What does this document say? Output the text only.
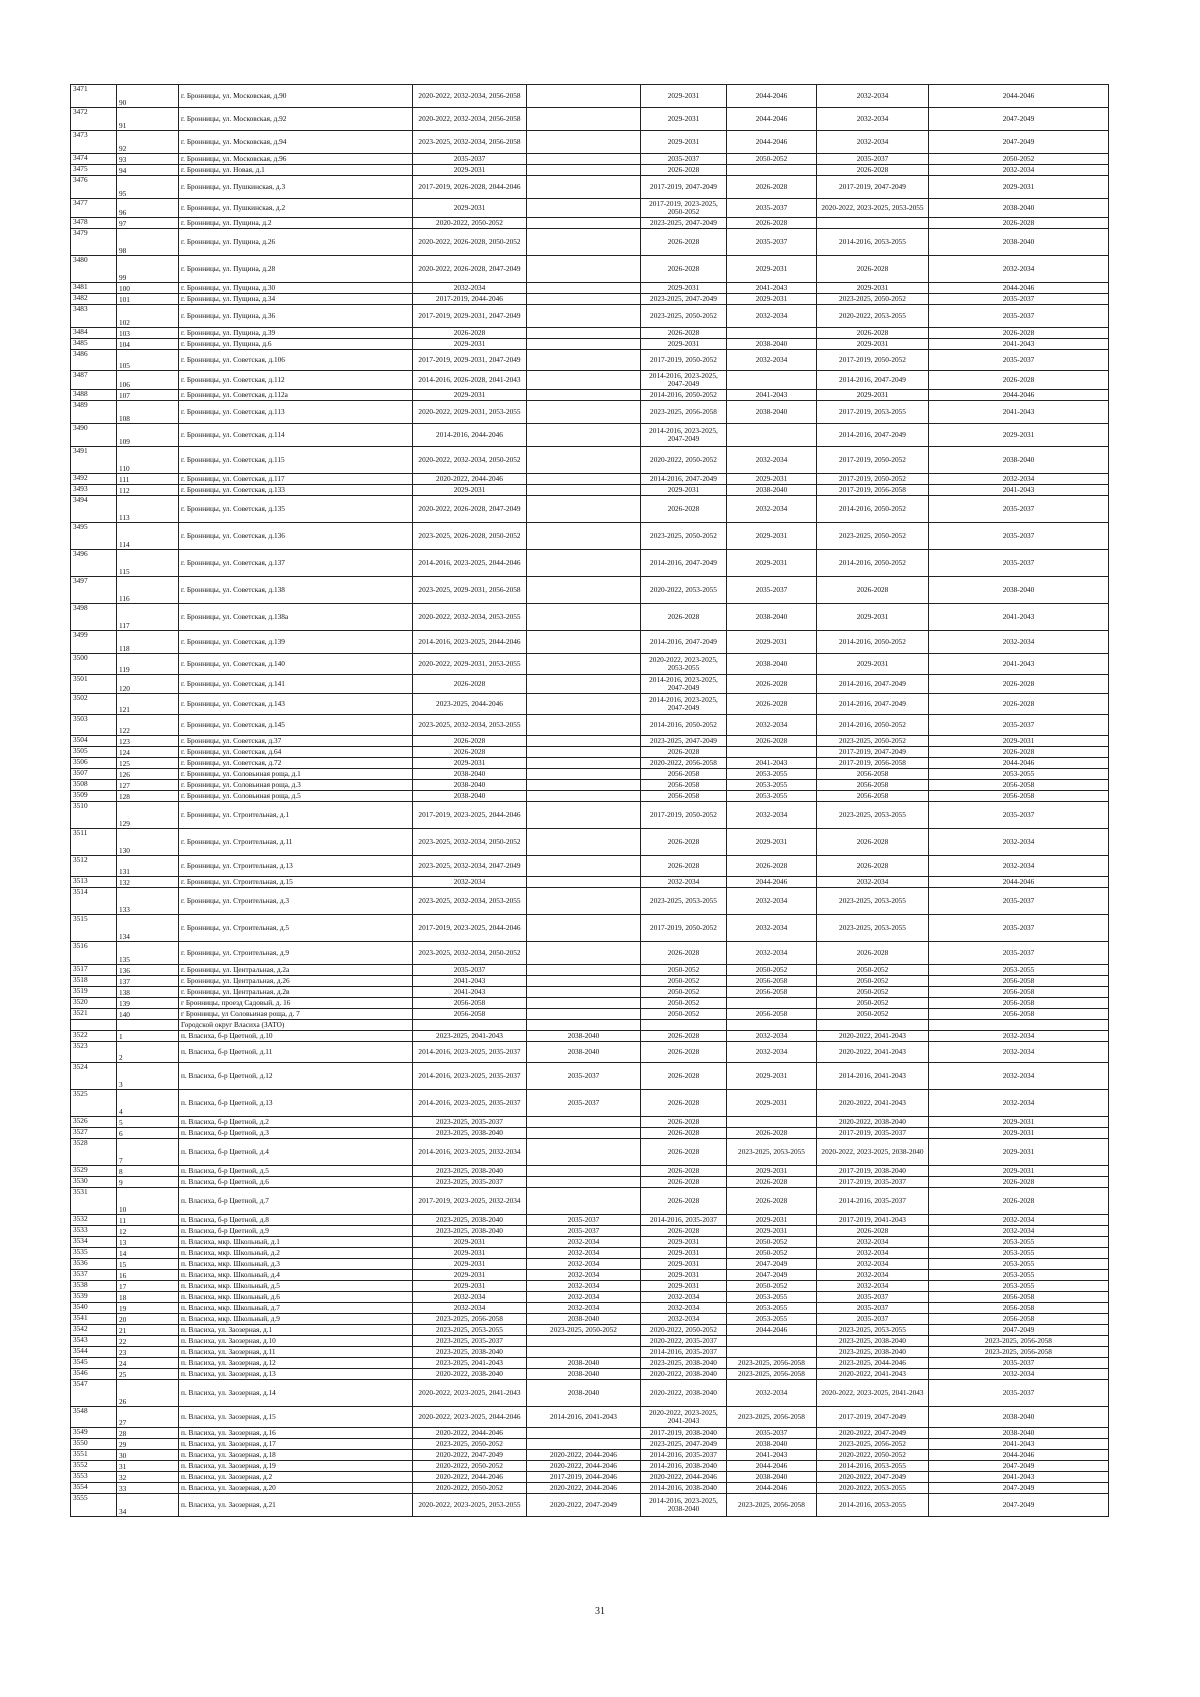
3471	90	г. Бронницы, ул. Московская, д.90	2020-2022, 2032-2034, 2056-2058		2029-2031	2044-2046	2032-2034	2044-2046
3472	91	г. Бронницы, ул. Московская, д.92	2020-2022, 2032-2034, 2056-2058		2029-2031	2044-2046	2032-2034	2047-2049
3473	92	г. Бронницы, ул. Московская, д.94	2023-2025, 2032-2034, 2056-2058		2029-2031	2044-2046	2032-2034	2047-2049
3474	93	г. Бронницы, ул. Московская, д.96	2035-2037		2035-2037	2050-2052	2035-2037	2050-2052
3475	94	г. Бронницы, ул. Новая, д.1	2029-2031		2026-2028		2026-2028	2032-2034
3476	95	г. Бронницы, ул. Пушкинская, д.3	2017-2019, 2026-2028, 2044-2046		2017-2019, 2047-2049	2026-2028	2017-2019, 2047-2049	2029-2031
3477	96	г. Бронницы, ул. Пушкинская, д.2	2029-2031		2017-2019, 2023-2025, 2050-2052	2035-2037	2020-2022, 2023-2025, 2053-2055	2038-2040
3478	97	г. Бронницы, ул. Пущина, д.2	2020-2022, 2050-2052		2023-2025, 2047-2049	2026-2028		2026-2028
3479	98	г. Бронницы, ул. Пущина, д.26	2020-2022, 2026-2028, 2050-2052		2026-2028	2035-2037	2014-2016, 2053-2055	2038-2040
3480	99	г. Бронницы, ул. Пущина, д.28	2020-2022, 2026-2028, 2047-2049		2026-2028	2029-2031	2026-2028	2032-2034
3481	100	г. Бронницы, ул. Пущина, д.30	2032-2034		2029-2031	2041-2043	2029-2031	2044-2046
3482	101	г. Бронницы, ул. Пущина, д.34	2017-2019, 2044-2046		2023-2025, 2047-2049	2029-2031	2023-2025, 2050-2052	2035-2037
3483	102	г. Бронницы, ул. Пущина, д.36	2017-2019, 2029-2031, 2047-2049		2023-2025, 2050-2052	2032-2034	2020-2022, 2053-2055	2035-2037
3484	103	г. Бронницы, ул. Пущина, д.39	2026-2028		2026-2028		2026-2028	2026-2028
3485	104	г. Бронницы, ул. Пущина, д.6	2029-2031		2029-2031	2038-2040	2029-2031	2041-2043
3486	105	г. Бронницы, ул. Советская, д.106	2017-2019, 2029-2031, 2047-2049		2017-2019, 2050-2052	2032-2034	2017-2019, 2050-2052	2035-2037
3487	106	г. Бронницы, ул. Советская, д.112	2014-2016, 2026-2028, 2041-2043		2014-2016, 2023-2025, 2047-2049		2014-2016, 2047-2049	2026-2028
3488	107	г. Бронницы, ул. Советская, д.112а	2029-2031		2014-2016, 2050-2052	2041-2043	2029-2031	2044-2046
3489	108	г. Бронницы, ул. Советская, д.113	2020-2022, 2029-2031, 2053-2055		2023-2025, 2056-2058	2038-2040	2017-2019, 2053-2055	2041-2043
3490	109	г. Бронницы, ул. Советская, д.114	2014-2016, 2044-2046		2014-2016, 2023-2025, 2047-2049		2014-2016, 2047-2049	2029-2031
3491	110	г. Бронницы, ул. Советская, д.115	2020-2022, 2032-2034, 2050-2052		2020-2022, 2050-2052	2032-2034	2017-2019, 2050-2052	2038-2040
3492	111	г. Бронницы, ул. Советская, д.117	2020-2022, 2044-2046		2014-2016, 2047-2049	2029-2031	2017-2019, 2050-2052	2032-2034
3493	112	г. Бронницы, ул. Советская, д.133	2029-2031		2029-2031	2038-2040	2017-2019, 2056-2058	2041-2043
3494	113	г. Бронницы, ул. Советская, д.135	2020-2022, 2026-2028, 2047-2049		2026-2028	2032-2034	2014-2016, 2050-2052	2035-2037
3495	114	г. Бронницы, ул. Советская, д.136	2023-2025, 2026-2028, 2050-2052		2023-2025, 2050-2052	2029-2031	2023-2025, 2050-2052	2035-2037
3496	115	г. Бронницы, ул. Советская, д.137	2014-2016, 2023-2025, 2044-2046		2014-2016, 2047-2049	2029-2031	2014-2016, 2050-2052	2035-2037
3497	116	г. Бронницы, ул. Советская, д.138	2023-2025, 2029-2031, 2056-2058		2020-2022, 2053-2055	2035-2037	2026-2028	2038-2040
3498	117	г. Бронницы, ул. Советская, д.138а	2020-2022, 2032-2034, 2053-2055		2026-2028	2038-2040	2029-2031	2041-2043
3499	118	г. Бронницы, ул. Советская, д.139	2014-2016, 2023-2025, 2044-2046		2014-2016, 2047-2049	2029-2031	2014-2016, 2050-2052	2032-2034
3500	119	г. Бронницы, ул. Советская, д.140	2020-2022, 2029-2031, 2053-2055		2020-2022, 2023-2025, 2053-2055	2038-2040	2029-2031	2041-2043
3501	120	г. Бронницы, ул. Советская, д.141	2026-2028		2014-2016, 2023-2025, 2047-2049	2026-2028	2014-2016, 2047-2049	2026-2028
3502	121	г. Бронницы, ул. Советская, д.143	2023-2025, 2044-2046		2014-2016, 2023-2025, 2047-2049	2026-2028	2014-2016, 2047-2049	2026-2028
3503	122	г. Бронницы, ул. Советская, д.145	2023-2025, 2032-2034, 2053-2055		2014-2016, 2050-2052	2032-2034	2014-2016, 2050-2052	2035-2037
3504	123	г. Бронницы, ул. Советская, д.37	2026-2028		2023-2025, 2047-2049	2026-2028	2023-2025, 2050-2052	2029-2031
3505	124	г. Бронницы, ул. Советская, д.64	2026-2028		2026-2028		2017-2019, 2047-2049	2026-2028
3506	125	г. Бронницы, ул. Советская, д.72	2029-2031		2020-2022, 2056-2058	2041-2043	2017-2019, 2056-2058	2044-2046
3507	126	г. Бронницы, ул. Соловьиная роща, д.1	2038-2040		2056-2058	2053-2055	2056-2058	2053-2055
3508	127	г. Бронницы, ул. Соловьиная роща, д.3	2038-2040		2056-2058	2053-2055	2056-2058	2056-2058
3509	128	г. Бронницы, ул. Соловьиная роща, д.5	2038-2040		2056-2058	2053-2055	2056-2058	2056-2058
3510	129	г. Бронницы, ул. Строительная, д.1	2017-2019, 2023-2025, 2044-2046		2017-2019, 2050-2052	2032-2034	2023-2025, 2053-2055	2035-2037
3511	130	г. Бронницы, ул. Строительная, д.11	2023-2025, 2032-2034, 2050-2052		2026-2028	2029-2031	2026-2028	2032-2034
3512	131	г. Бронницы, ул. Строительная, д.13	2023-2025, 2032-2034, 2047-2049		2026-2028	2026-2028	2026-2028	2032-2034
3513	132	г. Бронницы, ул. Строительная, д.15	2032-2034		2032-2034	2044-2046	2032-2034	2044-2046
3514	133	г. Бронницы, ул. Строительная, д.3	2023-2025, 2032-2034, 2053-2055		2023-2025, 2053-2055	2032-2034	2023-2025, 2053-2055	2035-2037
3515	134	г. Бронницы, ул. Строительная, д.5	2017-2019, 2023-2025, 2044-2046		2017-2019, 2050-2052	2032-2034	2023-2025, 2053-2055	2035-2037
3516	135	г. Бронницы, ул. Строительная, д.9	2023-2025, 2032-2034, 2050-2052		2026-2028	2032-2034	2026-2028	2035-2037
3517	136	г. Бронницы, ул. Центральная, д.2а	2035-2037		2050-2052	2050-2052	2050-2052	2053-2055
3518	137	г. Бронницы, ул. Центральная, д.26	2041-2043		2050-2052	2056-2058	2050-2052	2056-2058
3519	138	г. Бронницы, ул. Центральная, д.2в	2041-2043		2050-2052	2056-2058	2050-2052	2056-2058
3520	139	г Бронницы, проезд Садовый, д. 16	2056-2058		2050-2052		2050-2052	2056-2058
3521	140	г Бронницы, ул Соловьиная роща, д. 7	2056-2058		2050-2052	2056-2058	2050-2052	2056-2058
		Городской округ Власиха (ЗАТО)						
3522	1	п. Власиха, б-р Цветной, д.10	2023-2025, 2041-2043	2038-2040	2026-2028	2032-2034	2020-2022, 2041-2043	2032-2034
3523	2	п. Власиха, б-р Цветной, д.11	2014-2016, 2023-2025, 2035-2037	2038-2040	2026-2028	2032-2034	2020-2022, 2041-2043	2032-2034
3524	3	п. Власиха, б-р Цветной, д.12	2014-2016, 2023-2025, 2035-2037	2035-2037	2026-2028	2029-2031	2014-2016, 2041-2043	2032-2034
3525	4	п. Власиха, б-р Цветной, д.13	2014-2016, 2023-2025, 2035-2037	2035-2037	2026-2028	2029-2031	2020-2022, 2041-2043	2032-2034
3526	5	п. Власиха, б-р Цветной, д.2	2023-2025, 2035-2037		2026-2028		2020-2022, 2038-2040	2029-2031
3527	6	п. Власиха, б-р Цветной, д.3	2023-2025, 2038-2040		2026-2028	2026-2028	2017-2019, 2035-2037	2029-2031
3528	7	п. Власиха, б-р Цветной, д.4	2014-2016, 2023-2025, 2032-2034		2026-2028	2023-2025, 2053-2055	2020-2022, 2023-2025, 2038-2040	2029-2031
3529	8	п. Власиха, б-р Цветной, д.5	2023-2025, 2038-2040		2026-2028	2029-2031	2017-2019, 2038-2040	2029-2031
3530	9	п. Власиха, б-р Цветной, д.6	2023-2025, 2035-2037		2026-2028	2026-2028	2017-2019, 2035-2037	2026-2028
3531	10	п. Власиха, б-р Цветной, д.7	2017-2019, 2023-2025, 2032-2034		2026-2028	2026-2028	2014-2016, 2035-2037	2026-2028
3532	11	п. Власиха, б-р Цветной, д.8	2023-2025, 2038-2040	2035-2037	2014-2016, 2035-2037	2029-2031	2017-2019, 2041-2043	2032-2034
3533	12	п. Власиха, б-р Цветной, д.9	2023-2025, 2038-2040	2035-2037	2026-2028	2029-2031	2026-2028	2032-2034
3534	13	п. Власиха, мкр. Школьный, д.1	2029-2031	2032-2034	2029-2031	2050-2052	2032-2034	2053-2055
3535	14	п. Власиха, мкр. Школьный, д.2	2029-2031	2032-2034	2029-2031	2050-2052	2032-2034	2053-2055
3536	15	п. Власиха, мкр. Школьный, д.3	2029-2031	2032-2034	2029-2031	2047-2049	2032-2034	2053-2055
3537	16	п. Власиха, мкр. Школьный, д.4	2029-2031	2032-2034	2029-2031	2047-2049	2032-2034	2053-2055
3538	17	п. Власиха, мкр. Школьный, д.5	2029-2031	2032-2034	2029-2031	2050-2052	2032-2034	2053-2055
3539	18	п. Власиха, мкр. Школьный, д.6	2032-2034	2032-2034	2032-2034	2053-2055	2035-2037	2056-2058
3540	19	п. Власиха, мкр. Школьный, д.7	2032-2034	2032-2034	2032-2034	2053-2055	2035-2037	2056-2058
3541	20	п. Власиха, мкр. Школьный, д.9	2023-2025, 2056-2058	2038-2040	2032-2034	2053-2055	2035-2037	2056-2058
3542	21	п. Власиха, ул. Заозерная, д.1	2023-2025, 2053-2055	2023-2025, 2050-2052	2020-2022, 2050-2052	2044-2046	2023-2025, 2053-2055	2047-2049
3543	22	п. Власиха, ул. Заозерная, д.10	2023-2025, 2035-2037		2020-2022, 2035-2037		2023-2025, 2038-2040	2023-2025, 2056-2058
3544	23	п. Власиха, ул. Заозерная, д.11	2023-2025, 2038-2040		2014-2016, 2035-2037		2023-2025, 2038-2040	2023-2025, 2056-2058
3545	24	п. Власиха, ул. Заозерная, д.12	2023-2025, 2041-2043	2038-2040	2023-2025, 2038-2040	2023-2025, 2056-2058	2023-2025, 2044-2046	2035-2037
3546	25	п. Власиха, ул. Заозерная, д.13	2020-2022, 2038-2040	2038-2040	2020-2022, 2038-2040	2023-2025, 2056-2058	2020-2022, 2041-2043	2032-2034
3547	26	п. Власиха, ул. Заозерная, д.14	2020-2022, 2023-2025, 2041-2043	2038-2040	2020-2022, 2038-2040	2032-2034	2020-2022, 2023-2025, 2041-2043	2035-2037
3548	27	п. Власиха, ул. Заозерная, д.15	2020-2022, 2023-2025, 2044-2046	2014-2016, 2041-2043	2020-2022, 2023-2025, 2041-2043	2023-2025, 2056-2058	2017-2019, 2047-2049	2038-2040
3549	28	п. Власиха, ул. Заозерная, д.16	2020-2022, 2044-2046		2017-2019, 2038-2040	2035-2037	2020-2022, 2047-2049	2038-2040
3550	29	п. Власиха, ул. Заозерная, д.17	2023-2025, 2050-2052		2023-2025, 2047-2049	2038-2040	2023-2025, 2056-2052	2041-2043
3551	30	п. Власиха, ул. Заозерная, д.18	2020-2022, 2047-2049	2020-2022, 2044-2046	2014-2016, 2035-2037	2041-2043	2020-2022, 2050-2052	2044-2046
3552	31	п. Власиха, ул. Заозерная, д.19	2020-2022, 2050-2052	2020-2022, 2044-2046	2014-2016, 2038-2040	2044-2046	2014-2016, 2053-2055	2047-2049
3553	32	п. Власиха, ул. Заозерная, д.2	2020-2022, 2044-2046	2017-2019, 2044-2046	2020-2022, 2044-2046	2038-2040	2020-2022, 2047-2049	2041-2043
3554	33	п. Власиха, ул. Заозерная, д.20	2020-2022, 2050-2052	2020-2022, 2044-2046	2014-2016, 2038-2040	2044-2046	2020-2022, 2053-2055	2047-2049
3555	34	п. Власиха, ул. Заозерная, д.21	2020-2022, 2023-2025, 2053-2055	2020-2022, 2047-2049	2014-2016, 2023-2025, 2038-2040	2023-2025, 2056-2058	2014-2016, 2053-2055	2047-2049
31
